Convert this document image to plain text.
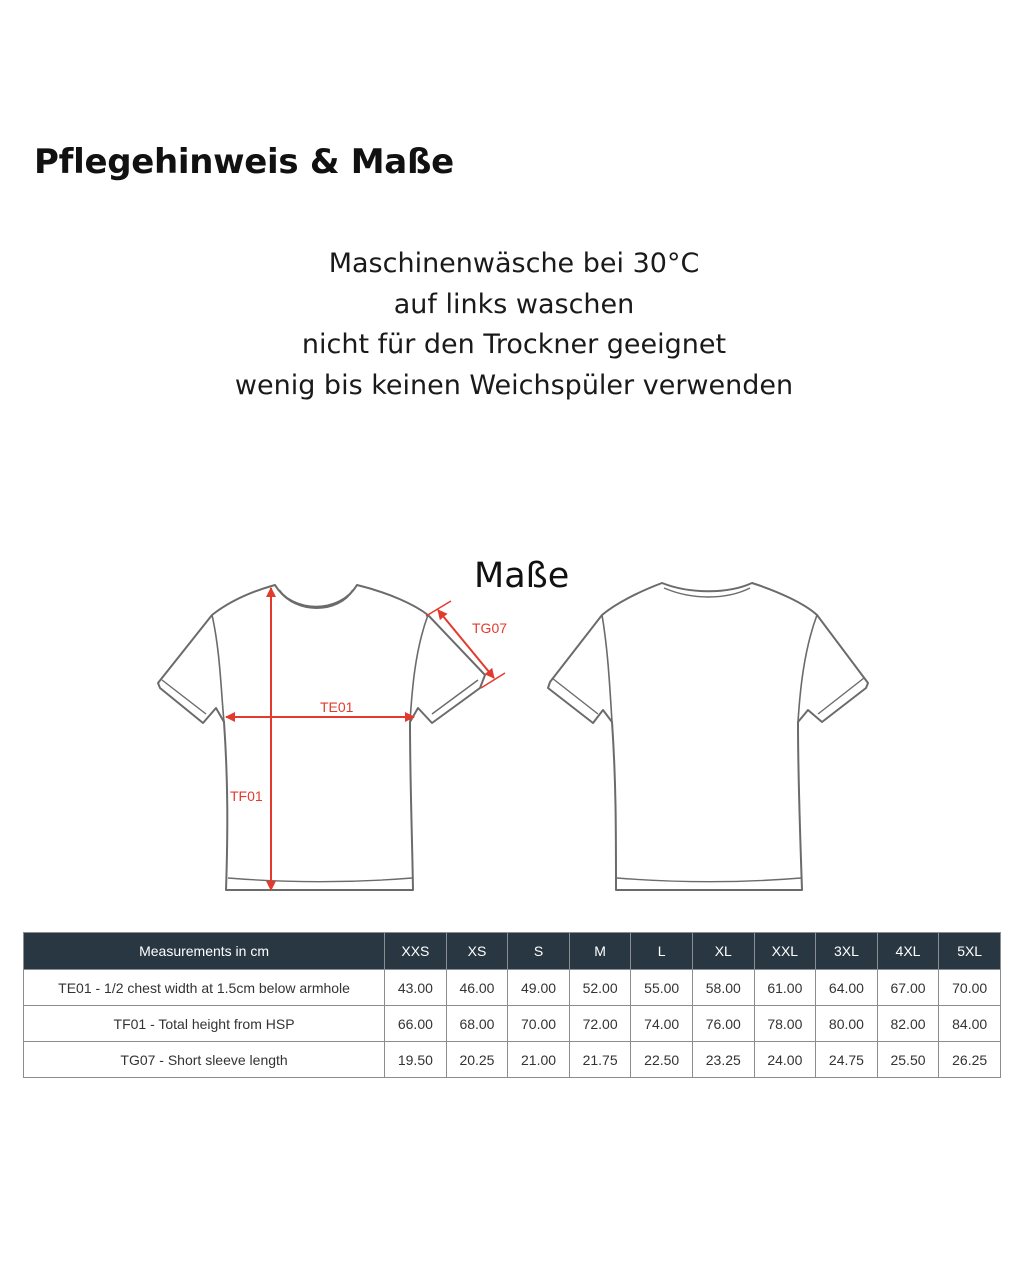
Pflegehinweis & Maße
Maschinenwäsche bei 30°C
auf links waschen
nicht für den Trockner geeignet
wenig bis keinen Weichspüler verwenden
Maße
TE01
TF01
TG07
Measurements in cm	XXS	XS	S	M	L	XL	XXL	3XL	4XL	5XL
TE01 - 1/2 chest width at 1.5cm below armhole	43.00	46.00	49.00	52.00	55.00	58.00	61.00	64.00	67.00	70.00
TF01 - Total height from HSP	66.00	68.00	70.00	72.00	74.00	76.00	78.00	80.00	82.00	84.00
TG07 - Short sleeve length	19.50	20.25	21.00	21.75	22.50	23.25	24.00	24.75	25.50	26.25
